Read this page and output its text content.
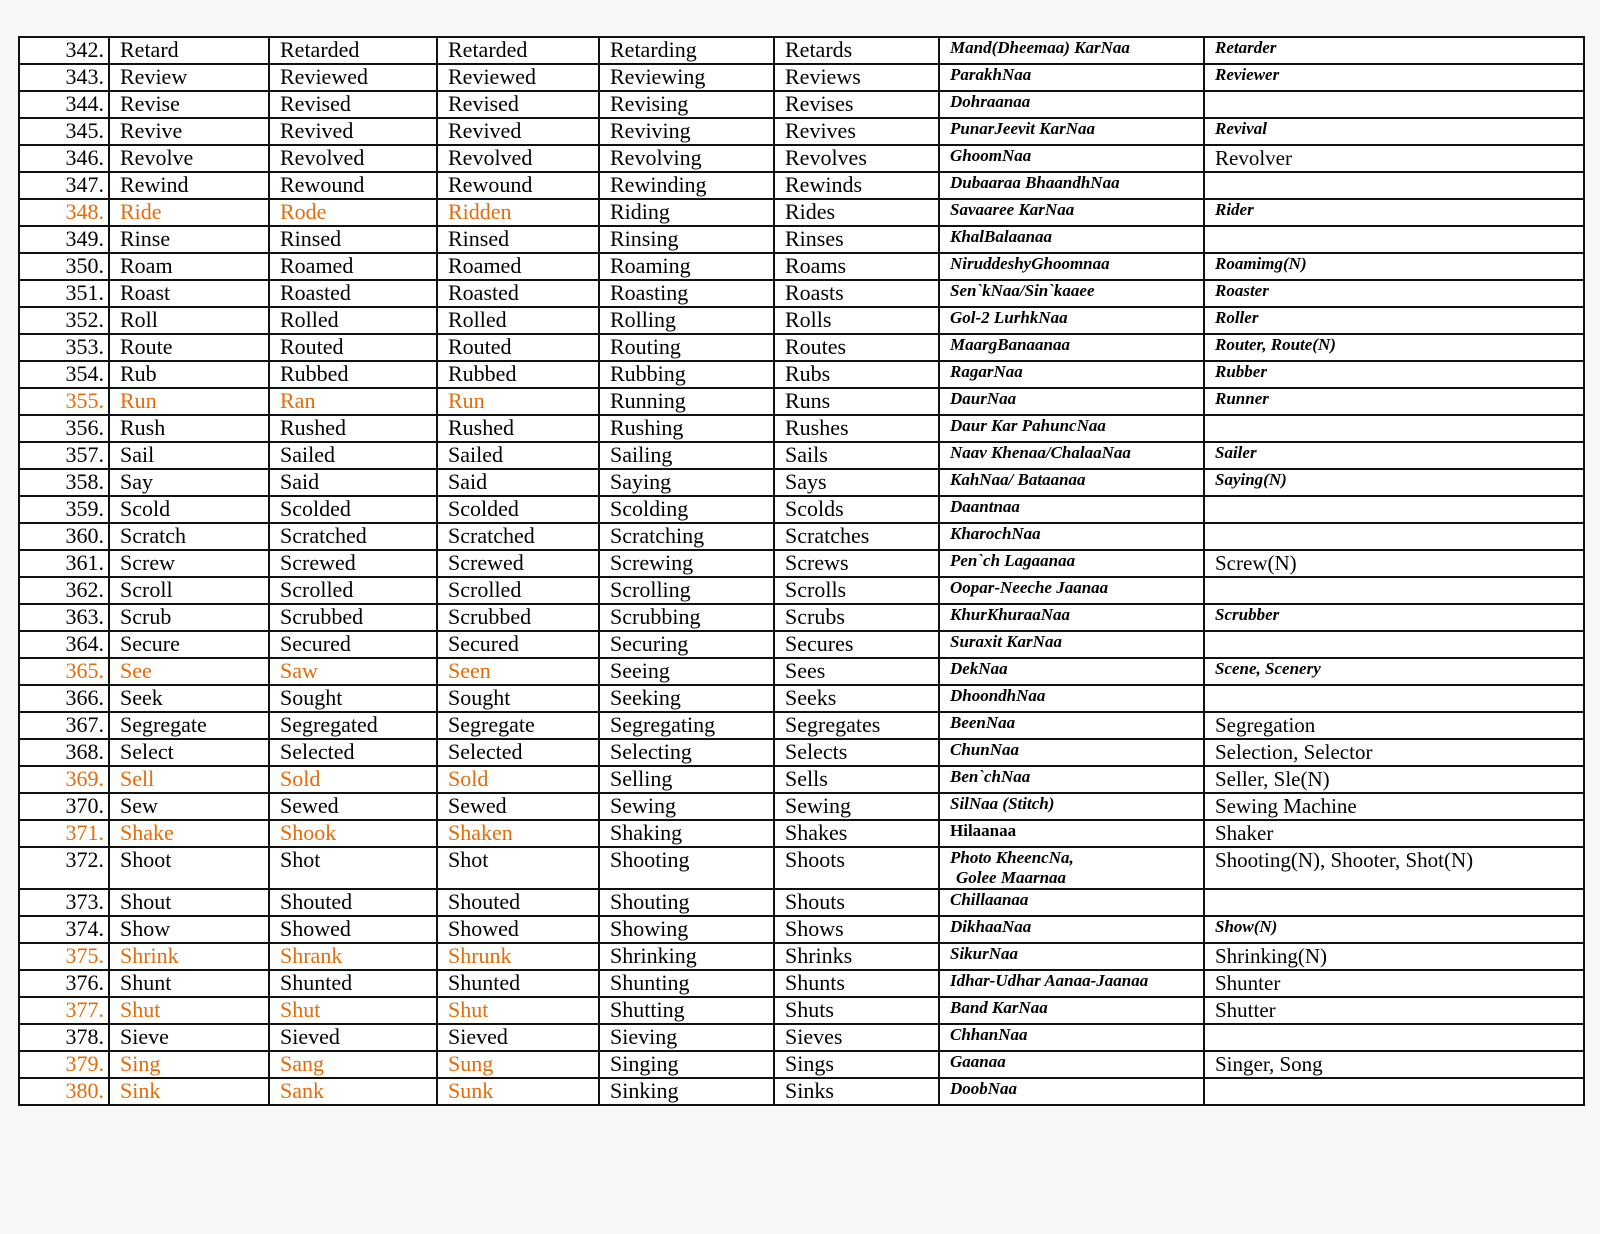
342.	Retard	Retarded	Retarded	Retarding	Retards	Mand(Dheemaa) KarNaa	Retarder
343.	Review	Reviewed	Reviewed	Reviewing	Reviews	ParakhNaa	Reviewer
344.	Revise	Revised	Revised	Revising	Revises	Dohraanaa	
345.	Revive	Revived	Revived	Reviving	Revives	PunarJeevit KarNaa	Revival
346.	Revolve	Revolved	Revolved	Revolving	Revolves	GhoomNaa	Revolver
347.	Rewind	Rewound	Rewound	Rewinding	Rewinds	Dubaaraa BhaandhNaa	
348.	Ride	Rode	Ridden	Riding	Rides	Savaaree KarNaa	Rider
349.	Rinse	Rinsed	Rinsed	Rinsing	Rinses	KhalBalaanaa	
350.	Roam	Roamed	Roamed	Roaming	Roams	NiruddeshyGhoomnaa	Roamimg(N)
351.	Roast	Roasted	Roasted	Roasting	Roasts	Sen`kNaa/Sin`kaaee	Roaster
352.	Roll	Rolled	Rolled	Rolling	Rolls	Gol-2 LurhkNaa	Roller
353.	Route	Routed	Routed	Routing	Routes	MaargBanaanaa	Router, Route(N)
354.	Rub	Rubbed	Rubbed	Rubbing	Rubs	RagarNaa	Rubber
355.	Run	Ran	Run	Running	Runs	DaurNaa	Runner
356.	Rush	Rushed	Rushed	Rushing	Rushes	Daur Kar PahuncNaa	
357.	Sail	Sailed	Sailed	Sailing	Sails	Naav Khenaa/ChalaaNaa	Sailer
358.	Say	Said	Said	Saying	Says	KahNaa/ Bataanaa	Saying(N)
359.	Scold	Scolded	Scolded	Scolding	Scolds	Daantnaa	
360.	Scratch	Scratched	Scratched	Scratching	Scratches	KharochNaa	
361.	Screw	Screwed	Screwed	Screwing	Screws	Pen`ch Lagaanaa	Screw(N)
362.	Scroll	Scrolled	Scrolled	Scrolling	Scrolls	Oopar-Neeche Jaanaa	
363.	Scrub	Scrubbed	Scrubbed	Scrubbing	Scrubs	KhurKhuraaNaa	Scrubber
364.	Secure	Secured	Secured	Securing	Secures	Suraxit KarNaa	
365.	See	Saw	Seen	Seeing	Sees	DekNaa	Scene, Scenery
366.	Seek	Sought	Sought	Seeking	Seeks	DhoondhNaa	
367.	Segregate	Segregated	Segregate	Segregating	Segregates	BeenNaa	Segregation
368.	Select	Selected	Selected	Selecting	Selects	ChunNaa	Selection, Selector
369.	Sell	Sold	Sold	Selling	Sells	Ben`chNaa	Seller, Sle(N)
370.	Sew	Sewed	Sewed	Sewing	Sewing	SilNaa (Stitch)	Sewing Machine
371.	Shake	Shook	Shaken	Shaking	Shakes	Hilaanaa	Shaker
372.	Shoot	Shot	Shot	Shooting	Shoots	Photo KheencNa,
Golee Maarnaa	Shooting(N), Shooter, Shot(N)
373.	Shout	Shouted	Shouted	Shouting	Shouts	Chillaanaa	
374.	Show	Showed	Showed	Showing	Shows	DikhaaNaa	Show(N)
375.	Shrink	Shrank	Shrunk	Shrinking	Shrinks	SikurNaa	Shrinking(N)
376.	Shunt	Shunted	Shunted	Shunting	Shunts	Idhar-Udhar Aanaa-Jaanaa	Shunter
377.	Shut	Shut	Shut	Shutting	Shuts	Band KarNaa	Shutter
378.	Sieve	Sieved	Sieved	Sieving	Sieves	ChhanNaa	
379.	Sing	Sang	Sung	Singing	Sings	Gaanaa	Singer, Song
380.	Sink	Sank	Sunk	Sinking	Sinks	DoobNaa	
